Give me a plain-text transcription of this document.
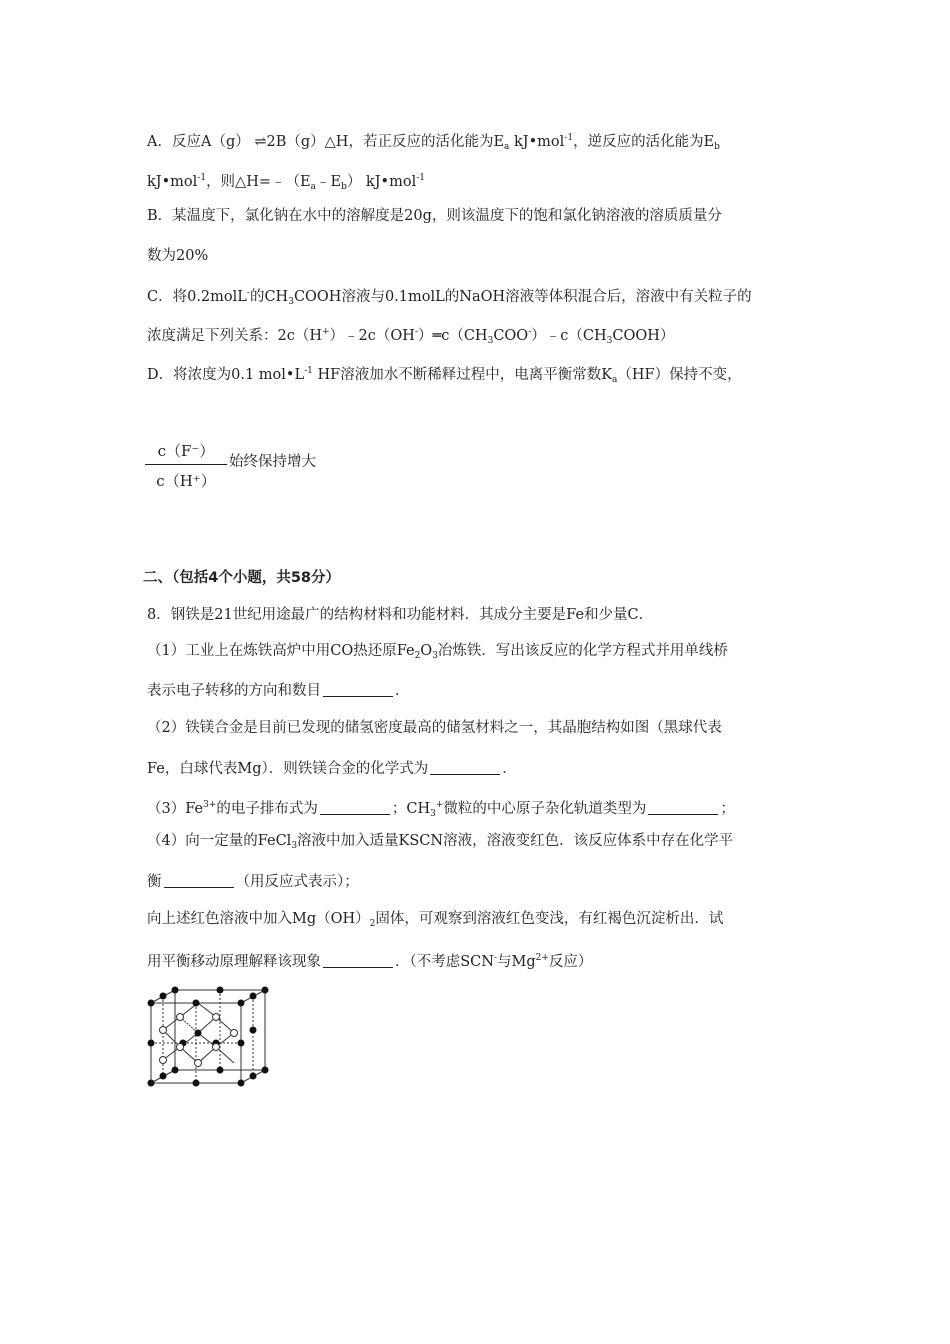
A．反应A（g） ⇌2B（g）△H，若正反应的活化能为$E_a$ kJ•mol$^{-1}$，逆反应的活化能为$E_b$
kJ•mol$^{-1}$，则$\triangle H=﹣(E_a﹣E_b)$ kJ•mol$^{-1}$
B．某温度下，氯化钠在水中的溶解度是20g，则该温度下的饱和氯化钠溶液的溶质质量分
数为20%
C．将0.2molL-的$CH_3COOH$溶液与0.1molL的NaOH溶液等体积混合后，溶液中有关粒子的
浓度满足下列关系：$2c(H^+)﹣2c(OH^-)═c(CH_3COO^-)﹣c(CH_3COOH)$
D．将浓度为0.1 $mol•L^{-1}$ HF溶液加水不断稀释过程中，电离平衡常数$K_a(HF)$保持不变，
c（F⁻）
c（H⁺）
始终保持增大
二、（包括4个小题，共58分）
8．钢铁是21世纪用途最广的结构材料和功能材料．其成分主要是Fe和少量C．
（1）工业上在炼铁高炉中用CO热还原$Fe_2O_3$冶炼铁．写出该反应的化学方程式并用单线桥
表示电子转移的方向和数目	．
（2）铁镁合金是目前已发现的储氢密度最高的储氢材料之一，其晶胞结构如图（黑球代表
Fe，白球代表Mg）．则铁镁合金的化学式为	．
$(3)Fe^{3+}$的电子排布式为	；$CH_3^+$微粒的中心原子杂化轨道类型为	；
（4）向一定量的FeCl$_3$溶液中加入适量KSCN溶液，溶液变红色．该反应体系中存在化学平
衡	（用反应式表示）；
向上述红色溶液中加入$Mg(OH)_2$固体，可观察到溶液红色变浅，有红褐色沉淀析出．试
用平衡移动原理解释该现象	．（不考虑SCN-与$Mg^{2+}$反应）
